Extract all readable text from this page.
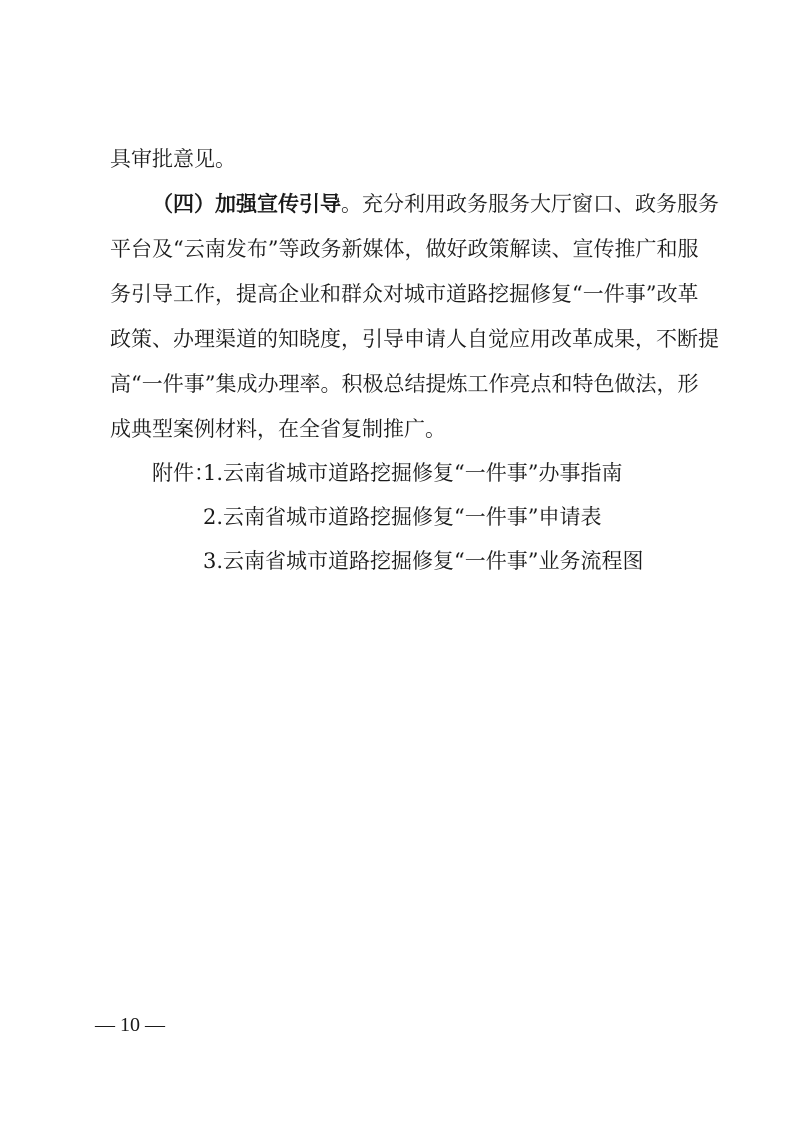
具审批意见。
（四）加强宣传引导。充分利用政务服务大厅窗口、政务服务
平台及“云南发布”等政务新媒体，做好政策解读、宣传推广和服
务引导工作，提高企业和群众对城市道路挖掘修复“一件事”改革
政策、办理渠道的知晓度，引导申请人自觉应用改革成果，不断提
高“一件事”集成办理率。积极总结提炼工作亮点和特色做法，形
成典型案例材料，在全省复制推广。
附件：
1.云南省城市道路挖掘修复“一件事”办事指南
2.云南省城市道路挖掘修复“一件事”申请表
3.云南省城市道路挖掘修复“一件事”业务流程图
— 10 —
